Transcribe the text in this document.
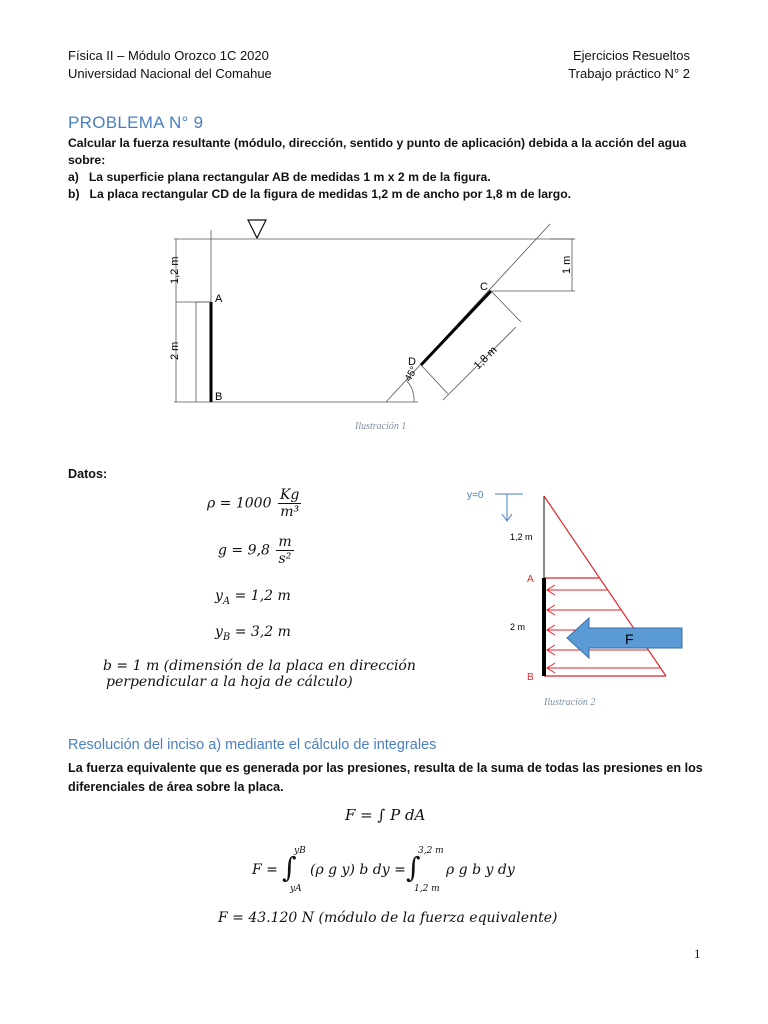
Física II – Módulo Orozco 1C 2020
Universidad Nacional del Comahue
Ejercicios Resueltos
Trabajo práctico N° 2
PROBLEMA N° 9
Calcular la fuerza resultante (módulo, dirección, sentido y punto de aplicación) debida a la acción del agua sobre:
a) La superficie plana rectangular AB de medidas 1 m x 2 m de la figura.
b) La placa rectangular CD de la figura de medidas 1,2 m de ancho por 1,8 m de largo.
A
B
1,2 m
2 m
C
D	1,8 m
1 m
45°
Ilustración 1
Datos:
$\rho = 1000 \frac{Kg}{\text{m³}}$
$g = 9,8 \frac{m}{\text{s²}}$
$y_A = 1,2$ m
$y_B = 3,2$ m
b = 1 m (dimensión de la placa en dirección
perpendicular a la hoja de cálculo)
y=0
1,2 m
A
B
2 m
F
Ilustración 2
Resolución del inciso a) mediante el cálculo de integrales
La fuerza equivalente que es generada por las presiones, resulta de la suma de todas las presiones en los diferenciales de área sobre la placa.
F = ∫ P dA
F = ∫
yB
yA
(ρ g y) b dy = ∫
3,2 m
1,2 m
ρ g b y dy
F = 43.120 N (módulo de la fuerza equivalente)
1
